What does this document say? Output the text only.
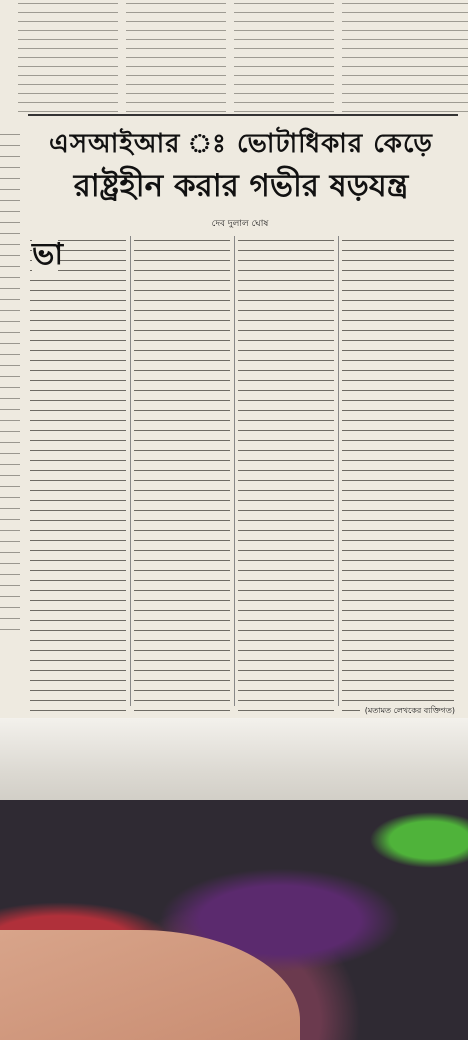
এসআইআর ঃ ভোটাধিকার কেড়ে
রাষ্ট্রহীন করার গভীর ষড়যন্ত্র
দেব দুলাল ঘোষ
ভা
(মতামত লেখকের ব্যক্তিগত)
